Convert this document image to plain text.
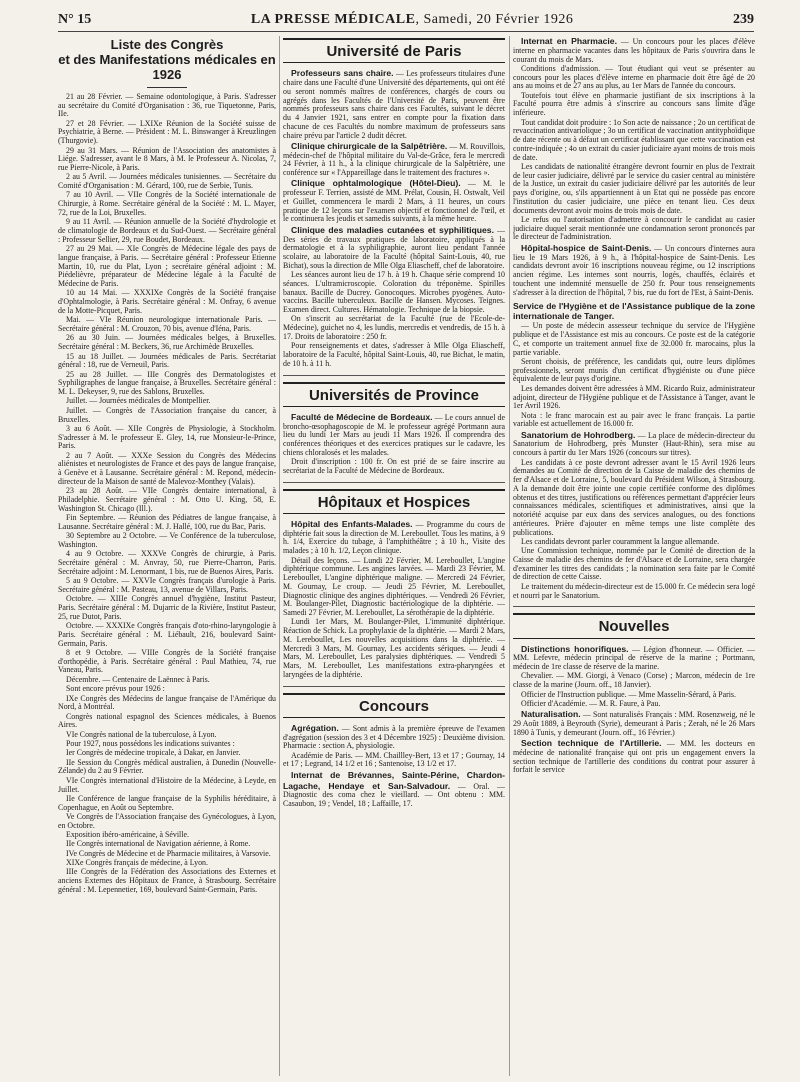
N° 15	LA PRESSE MÉDICALE, Samedi, 20 Février 1926	239
Liste des Congrès
et des Manifestations médicales en 1926

21 au 28 Février. — Semaine odontologique, à Paris. S'adresser au secrétaire du Comité d'Organisation : 36, rue Tiquetonne, Paris, IIe.

27 et 28 Février. — LXIXe Réunion de la Société suisse de Psychiatrie, à Berne. — Président : M. L. Binswanger à Kreuzlingen (Thurgovie).

29 au 31 Mars. — Réunion de l'Association des anatomistes à Liége. S'adresser, avant le 8 Mars, à M. le Professeur A. Nicolas, 7, rue Pierre-Nicole, à Paris.

2 au 5 Avril. — Journées médicales tunisiennes. — Secrétaire du Comité d'Organisation : M. Gérard, 100, rue de Serbie, Tunis.

7 au 10 Avril. — VIIe Congrès de la Société internationale de Chirurgie, à Rome. Secrétaire général de la Société : M. L. Mayer, 72, rue de la Loi, Bruxelles.

9 au 11 Avril. — Réunion annuelle de la Société d'hydrologie et de climatologie de Bordeaux et du Sud-Ouest. — Secrétaire général : Professeur Sellier, 29, rue Boudet, Bordeaux.

27 au 29 Mai. — XIe Congrès de Médecine légale des pays de langue française, à Paris. — Secrétaire général : Professeur Etienne Martin, 10, rue du Plat, Lyon ; secrétaire général adjoint : M. Piédelièvre, préparateur de Médecine légale à la Faculté de Médecine de Paris.

10 au 14 Mai. — XXXIXe Congrès de la Société française d'Ophtalmologie, à Paris. Secrétaire général : M. Onfray, 6 avenue de la Motte-Picquet, Paris.

Mai. — VIe Réunion neurologique internationale Paris. — Secrétaire général : M. Crouzon, 70 bis, avenue d'Iéna, Paris.

26 au 30 Juin. — Journées médicales belges, à Bruxelles. Secrétaire général : M. Beckers, 36, rue Archimède Bruxelles.

15 au 18 Juillet. — Journées médicales de Paris. Secrétariat général : 18, rue de Verneuil, Paris.

25 au 28 Juillet. — IIIe Congrès des Dermatologistes et Syphiligraphes de langue française, à Bruxelles. Secrétaire général : M. L. Dekeyser, 9, rue des Sablons, Bruxelles.

Juillet. — Journées médicales de Montpellier.

Juillet. — Congrès de l'Association française du cancer, à Bruxelles.

3 au 6 Août. — XIIe Congrès de Physiologie, à Stockholm. S'adresser à M. le professeur E. Gley, 14, rue Monsieur-le-Prince, Paris.

2 au 7 Août. — XXXe Session du Congrès des Médecins aliénistes et neurologistes de France et des pays de langue française, à Genève et à Lausanne. Secrétaire général : M. Repond, médecin-directeur de la Maison de santé de Malevoz-Monthey (Valais).

23 au 28 Août. — VIIe Congrès dentaire international, à Philadelphie. Secrétaire général : M. Otto U. King, 58, E. Washington St. Chicago (Ill.).

Fin Septembre. — Réunion des Pédiatres de langue française, à Lausanne. Secrétaire général : M. J. Hallé, 100, rue du Bac, Paris.

30 Septembre au 2 Octobre. — Ve Conférence de la tuberculose, Washington.

4 au 9 Octobre. — XXXVe Congrès de chirurgie, à Paris. Secrétaire général : M. Anvray, 50, rue Pierre-Charron, Paris. Secrétaire adjoint : M. Lenormant, 1 bis, rue de Buenos Aires, Paris.

5 au 9 Octobre. — XXVIe Congrès français d'urologie à Paris. Secrétaire général : M. Pasteau, 13, avenue de Villars, Paris.

Octobre. — XIIIe Congrès annuel d'hygiène, Institut Pasteur, Paris. Secrétaire général : M. Dujarric de la Rivière, Institut Pasteur, 25, rue Dutot, Paris.

Octobre. — XXXIXe Congrès français d'oto-rhino-laryngologie à Paris. Secrétaire général : M. Liébault, 216, boulevard Saint-Germain, Paris.

8 et 9 Octobre. — VIIIe Congrès de la Société française d'orthopédie, à Paris. Secrétaire général : Paul Mathieu, 74, rue Vaneau, Paris.

Décembre. — Centenaire de Laënnec à Paris.

Sont encore prévus pour 1926 :

IXe Congrès des Médecins de langue française de l'Amérique du Nord, à Montréal.

Congrès national espagnol des Sciences médicales, à Buenos Aires.

VIe Congrès national de la tuberculose, à Lyon.

Pour 1927, nous possédons les indications suivantes :

Ier Congrès de médecine tropicale, à Dakar, en Janvier.

IIe Session du Congrès médical australien, à Dunedin (Nouvelle-Zélande) du 2 au 9 Février.

VIe Congrès international d'Histoire de la Médecine, à Leyde, en Juillet.

IIe Conférence de langue française de la Syphilis héréditaire, à Copenhague, en Août ou Septembre.

Ve Congrès de l'Association française des Gynécologues, à Lyon, en Octobre.

Exposition ibéro-américaine, à Séville.

IIe Congrès international de Navigation aérienne, à Rome.

IVe Congrès de Médecine et de Pharmacie militaires, à Varsovie.

XIXe Congrès français de médecine, à Lyon.

IIIe Congrès de la Fédération des Associations des Externes et anciens Externes des Hôpitaux de France, à Strasbourg. Secrétaire général : M. Lepennetier, 169, boulevard Saint-Germain, Paris.

Université de Paris

Professeurs sans chaire. — Les professeurs titulaires d'une chaire dans une Faculté d'une Université des départements, qui ont été ou seront nommés maîtres de conférences, chargés de cours ou agrégés dans les Facultés de l'Université de Paris, peuvent être nommés professeurs sans chaire dans ces Facultés, suivant le décret du 4 Janvier 1921, sans entrer en compte pour la fixation dans chacune de ces Facultés du nombre maximum de professeurs sans chaire prévu par l'article 2 dudit décret.

Clinique chirurgicale de la Salpêtrière. — M. Rouvillois, médecin-chef de l'hôpital militaire du Val-de-Grâce, fera le mercredi 24 Février, à 11 h., à la clinique chirurgicale de la Salpêtrière, une conférence sur « l'Appareillage dans le traitement des fractures ».

Clinique ophtalmologique (Hôtel-Dieu). — M. le professeur F. Terrien, assisté de MM. Prélat, Cousin, H. Ostwalt, Veil et Guillet, commencera le mardi 2 Mars, à 11 heures, un cours pratique de 12 leçons sur l'examen objectif et fonctionnel de l'œil, et le continuera les jeudis et samedis suivants, à la même heure.

Clinique des maladies cutanées et syphilitiques. — Des séries de travaux pratiques de laboratoire, appliqués à la dermatologie et à la syphiligraphie, auront lieu pendant l'année scolaire, au laboratoire de la Faculté (hôpital Saint-Louis, 40, rue Bichat), sous la direction de Mlle Olga Eliascheff, chef de laboratoire.

Les séances auront lieu de 17 h. à 19 h. Chaque série comprend 10 séances. L'ultramicroscopie. Coloration du tréponème. Spirilles banaux. Bacille de Ducrey. Gonocoques. Microbes pyogènes. Auto-vaccins. Bacille tuberculeux. Bacille de Hansen. Mycoses. Teignes. Examen direct. Cultures. Hématologie. Technique de la biopsie.

On s'inscrit au secrétariat de la Faculté (rue de l'Ecole-de-Médecine), guichet no 4, les lundis, mercredis et vendredis, de 15 h. à 17. Droits de laboratoire : 250 fr.

Pour renseignements et dates, s'adresser à Mlle Olga Eliascheff, laboratoire de la Faculté, hôpital Saint-Louis, 40, rue Bichat, le matin, de 10 h. à 11 h.

Universités de Province

Faculté de Médecine de Bordeaux. — Le cours annuel de broncho-œsophagoscopie de M. le professeur agrégé Portmann aura lieu du lundi 1er Mars au jeudi 11 Mars 1926. Il comprendra des conférences théoriques et des exercices pratiques sur le cadavre, les chiens chloralosés et les malades.

Droit d'inscription : 100 fr. On est prié de se faire inscrire au secrétariat de la Faculté de Médecine de Bordeaux.

Hôpitaux et Hospices

Hôpital des Enfants-Malades. — Programme du cours de diphtérie fait sous la direction de M. Lereboullet. Tous les matins, à 9 h. 1/4, Exercice du tubage, à l'amphithéâtre ; à 10 h., Visite des malades ; à 10 h. 1/2, Leçon clinique.

Détail des leçons. — Lundi 22 Février, M. Lereboullet, L'angine diphtérique commune. Les angines larvées. — Mardi 23 Février, M. Lereboullet, L'angine diphtérique maligne. — Mercredi 24 Février, M. Gournay, Le croup. — Jeudi 25 Février, M. Lereboullet, Diagnostic clinique des angines diphtériques. — Vendredi 26 Février, M. Boulanger-Pilet, Diagnostic bactériologique de la diphtérie. — Samedi 27 Février, M. Lereboullet, La sérothérapie de la diphtérie.

Lundi 1er Mars, M. Boulanger-Pilet, L'immunité diphtérique. Réaction de Schick. La prophylaxie de la diphtérie. — Mardi 2 Mars, M. Lereboullet, Les nouvelles acquisitions dans la diphtérie. — Mercredi 3 Mars, M. Gournay, Les accidents sériques. — Jeudi 4 Mars, M. Lereboullet, Les paralysies diphtériques. — Vendredi 5 Mars, M. Lereboullet, Les manifestations extra-pharyngées et laryngées de la diphtérie.

Concours

Agrégation. — Sont admis à la première épreuve de l'examen d'agrégation (session des 3 et 4 Décembre 1925) : Deuxième division. Pharmacie : section A, physiologie.

Académie de Paris. — MM. Chaillley-Bert, 13 et 17 ; Gournay, 14 et 17 ; Legrand, 14 1/2 et 16 ; Santenoise, 13 1/2 et 17.

Internat de Brévannes, Sainte-Périne, Chardon-Lagache, Hendaye et San-Salvadour. — Oral. — Diagnostic des coma chez le vieillard. — Ont obtenu : MM. Casaubon, 19 ; Vendel, 18 ; Laffaille, 17.

Internat en Pharmacie. — Un concours pour les places d'élève interne en pharmacie vacantes dans les hôpitaux de Paris s'ouvrira dans le courant du mois de Mars.

Conditions d'admission. — Tout étudiant qui veut se présenter au concours pour les places d'élève interne en pharmacie doit être âgé de 20 ans au moins et de 27 ans au plus, au 1er Mars de l'année du concours.

Toutefois tout élève en pharmacie justifiant de six inscriptions à la Faculté pourra être admis à s'inscrire au concours sans limite d'âge inférieure.

Tout candidat doit produire : 1o Son acte de naissance ; 2o un certificat de revaccination antivariolique ; 3o un certificat de vaccination antityphoïdique de date récente ou à défaut un certificat établissant que cette vaccination est contre-indiquée ; 4o un extrait du casier judiciaire ayant moins de trois mois de date.

Les candidats de nationalité étrangère devront fournir en plus de l'extrait de leur casier judiciaire, délivré par le service du casier central au ministère de la Justice, un extrait du casier judiciaire délivré par les autorités de leur pays d'origine, ou, s'ils appartiennent à un Etat qui ne possède pas encore l'institution du casier judiciaire, une pièce en tenant lieu. Ces deux documents devront avoir moins de trois mois de date.

Le refus ou l'autorisation d'admettre à concourir le candidat au casier judiciaire duquel serait mentionnée une condamnation seront prononcés par le directeur de l'administration.

Hôpital-hospice de Saint-Denis. — Un concours d'internes aura lieu le 19 Mars 1926, à 9 h., à l'hôpital-hospice de Saint-Denis. Les candidats devront avoir 16 inscriptions nouveau régime, ou 12 inscriptions ancien régime. Les internes sont nourris, logés, chauffés, éclairés et touchent une indemnité mensuelle de 250 fr. Pour tous renseignements s'adresser à la direction de l'hôpital, 7 bis, rue du fort de l'Est, à Saint-Denis.

Service de l'Hygiène et de l'Assistance publique de la zone internationale de Tanger.

— Un poste de médecin assesseur technique du service de l'Hygiène publique et de l'Assistance est mis au concours. Ce poste est de la catégorie C, et comporte un traitement annuel fixe de 32.000 fr. marocains, plus la partie variable.

Seront choisis, de préférence, les candidats qui, outre leurs diplômes professionnels, seront munis d'un certificat d'hygiéniste ou d'une pièce équivalente de leur pays d'origine.

Les demandes doivent être adressées à MM. Ricardo Ruiz, administrateur adjoint, directeur de l'Hygiène publique et de l'Assistance à Tanger, avant le 1er Avril 1926.

Nota : le franc marocain est au pair avec le franc français. La partie variable est actuellement de 16.000 fr.

Sanatorium de Hohrodberg. — La place de médecin-directeur du Sanatorium de Hohrodberg, près Munster (Haut-Rhin), sera mise au concours à partir du 1er Mars 1926 (concours sur titres).

Les candidats à ce poste devront adresser avant le 15 Avril 1926 leurs demandes au Comité de direction de la Caisse de maladie des chemins de fer d'Alsace et de Lorraine, 5, boulevard du Président Wilson, à Strasbourg. A la demande doit être jointe une copie certifiée conforme des diplômes obtenus et des titres, justifications ou références permettant d'apprécier leurs connaissances médicales, scientifiques et administratives, ainsi que la notoriété acquise par eux dans des services analogues, ou des fonctions antérieures. Prière d'ajouter en même temps une liste complète des publications.

Les candidats devront parler couramment la langue allemande.

Une Commission technique, nommée par le Comité de direction de la Caisse de maladie des chemins de fer d'Alsace et de Lorraine, sera chargée d'examiner les titres des candidats ; la nomination sera faite par le Comité de direction de cette Caisse.

Le traitement du médecin-directeur est de 15.000 fr. Ce médecin sera logé et nourri par le Sanatorium.

Nouvelles

Distinctions honorifiques. — Légion d'honneur. — Officier. — MM. Lefevre, médecin principal de réserve de la marine ; Portmann, médecin de 1re classe de réserve de la marine.

Chevalier. — MM. Giorgi, à Venaco (Corse) ; Marcon, médecin de 1re classe de la marine (Journ. off., 18 Janvier).

Officier de l'Instruction publique. — Mme Masselin-Sérard, à Paris.

Officier d'Académie. — M. R. Faure, à Pau.

Naturalisation. — Sont naturalisés Français : MM. Rosenzweig, né le 29 Août 1889, à Beyrouth (Syrie), demeurant à Paris ; Zerah, né le 26 Mars 1890 à Tunis, y demeurant (Journ. off., 16 Février.)

Section technique de l'Artillerie. — MM. les docteurs en médecine de nationalité française qui ont pris un engagement envers la section technique de l'artillerie des conditions du contrat pour assurer à forfait le service
